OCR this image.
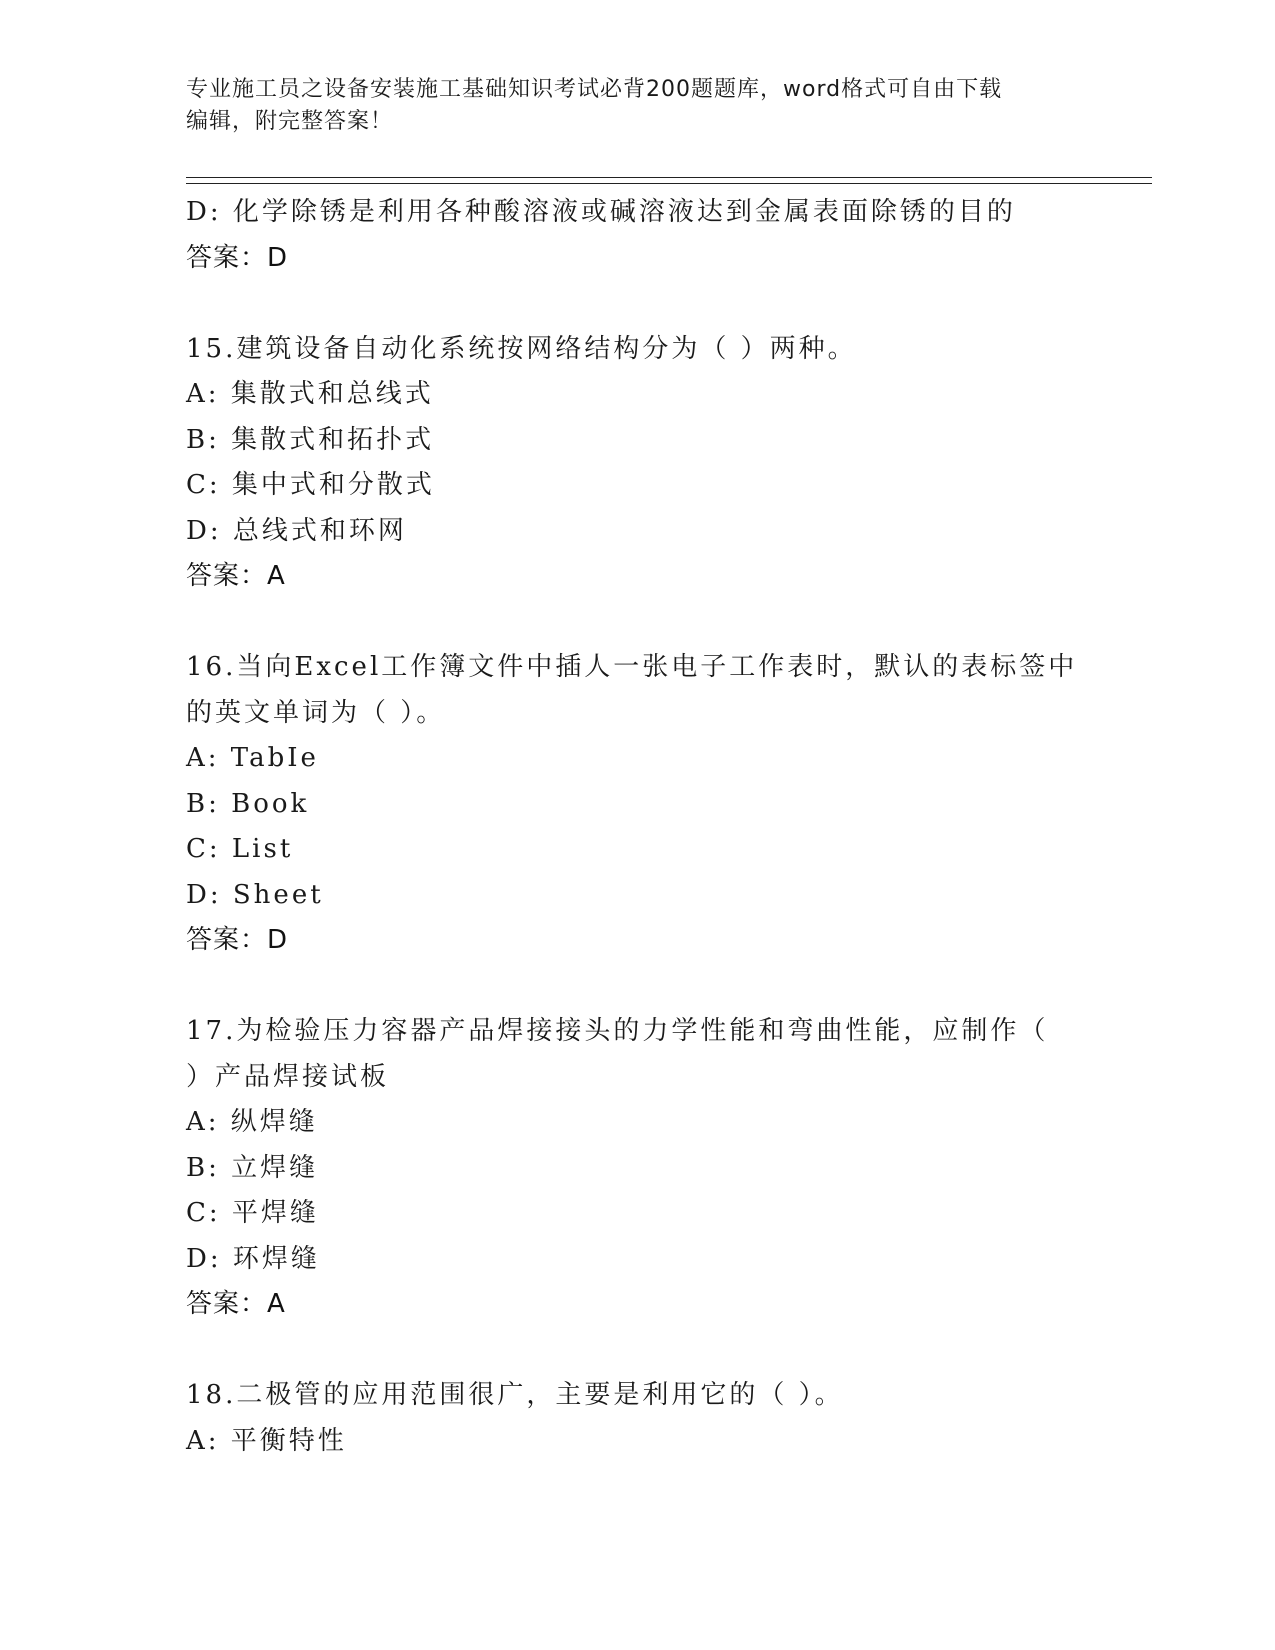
专业施工员之设备安装施工基础知识考试必背200题题库，word格式可自由下载
编辑，附完整答案！
D: 化学除锈是利用各种酸溶液或碱溶液达到金属表面除锈的目的
答案：D
15.建筑设备自动化系统按网络结构分为（ ）两种。
A: 集散式和总线式
B: 集散式和拓扑式
C: 集中式和分散式
D: 总线式和环网
答案：A
16.当向Excel工作簿文件中插人一张电子工作表时，默认的表标签中
的英文单词为（ ）。
A: TabIe
B: Book
C: List
D: Sheet
答案：D
17.为检验压力容器产品焊接接头的力学性能和弯曲性能，应制作（
）产品焊接试板
A: 纵焊缝
B: 立焊缝
C: 平焊缝
D: 环焊缝
答案：A
18.二极管的应用范围很广，主要是利用它的（ ）。
A: 平衡特性
